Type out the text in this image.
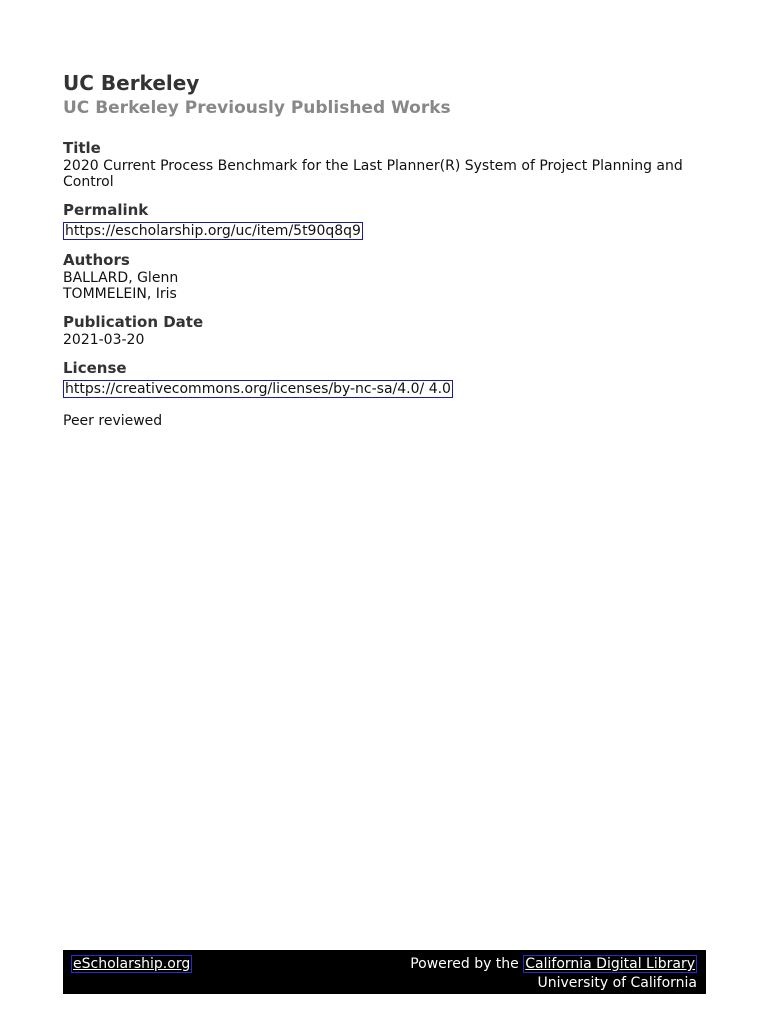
UC Berkeley

UC Berkeley Previously Published Works

Title

2020 Current Process Benchmark for the Last Planner(R) System of Project Planning and Control

Permalink

https://escholarship.org/uc/item/5t90q8q9

Authors

BALLARD, Glenn

TOMMELEIN, Iris

Publication Date

2021-03-20

License

https://creativecommons.org/licenses/by-nc-sa/4.0/ 4.0

Peer reviewed

eScholarship.org	Powered by the California Digital Library
University of California
